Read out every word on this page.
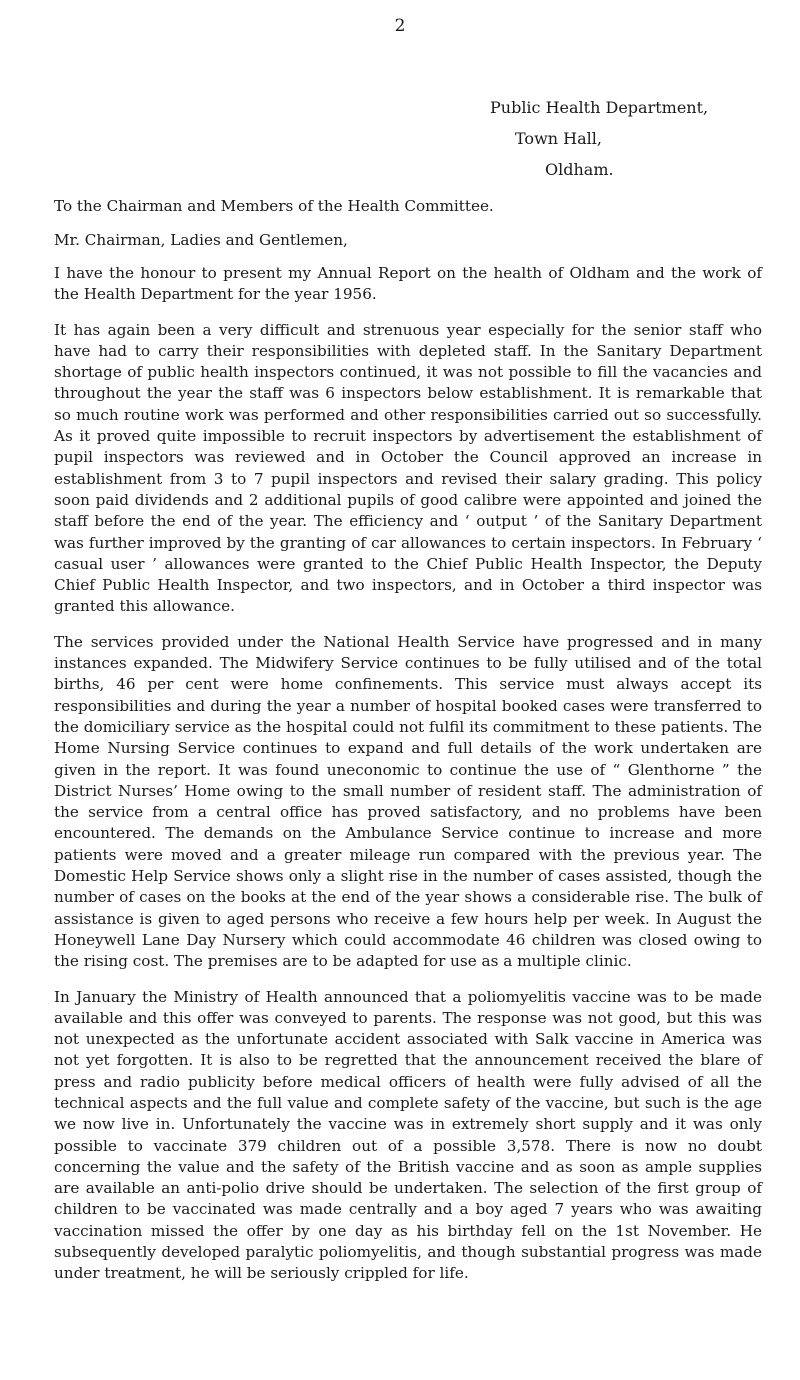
2
Public Health Department,
Town Hall,
Oldham.

To the Chairman and Members of the Health Committee.

Mr. Chairman, Ladies and Gentlemen,

I have the honour to present my Annual Report on the health of Oldham and the work of the Health Department for the year 1956.

It has again been a very difficult and strenuous year especially for the senior staff who have had to carry their responsibilities with depleted staff. In the Sanitary Department shortage of public health inspectors continued, it was not possible to fill the vacancies and throughout the year the staff was 6 inspectors below establishment. It is remarkable that so much routine work was performed and other responsibilities carried out so successfully. As it proved quite impossible to recruit inspectors by advertisement the establishment of pupil inspectors was reviewed and in October the Council approved an increase in establishment from 3 to 7 pupil inspectors and revised their salary grading. This policy soon paid dividends and 2 additional pupils of good calibre were appointed and joined the staff before the end of the year. The efficiency and ‘ output ’ of the Sanitary Department was further improved by the granting of car allowances to certain inspectors. In February ‘ casual user ’ allowances were granted to the Chief Public Health Inspector, the Deputy Chief Public Health Inspector, and two inspectors, and in October a third inspector was granted this allowance.

The services provided under the National Health Service have progressed and in many instances expanded. The Midwifery Service continues to be fully utilised and of the total births, 46 per cent were home confinements. This service must always accept its responsibilities and during the year a number of hospital booked cases were transferred to the domiciliary service as the hospital could not fulfil its commitment to these patients. The Home Nursing Service continues to expand and full details of the work undertaken are given in the report. It was found uneconomic to continue the use of “ Glenthorne ” the District Nurses’ Home owing to the small number of resident staff. The administration of the service from a central office has proved satisfactory, and no problems have been encountered. The demands on the Ambulance Service continue to increase and more patients were moved and a greater mileage run compared with the previous year. The Domestic Help Service shows only a slight rise in the number of cases assisted, though the number of cases on the books at the end of the year shows a considerable rise. The bulk of assistance is given to aged persons who receive a few hours help per week. In August the Honeywell Lane Day Nursery which could accommodate 46 children was closed owing to the rising cost. The premises are to be adapted for use as a multiple clinic.

In January the Ministry of Health announced that a poliomyelitis vaccine was to be made available and this offer was conveyed to parents. The response was not good, but this was not unexpected as the unfortunate accident associated with Salk vaccine in America was not yet forgotten. It is also to be regretted that the announcement received the blare of press and radio publicity before medical officers of health were fully advised of all the technical aspects and the full value and complete safety of the vaccine, but such is the age we now live in. Unfortunately the vaccine was in extremely short supply and it was only possible to vaccinate 379 children out of a possible 3,578. There is now no doubt concerning the value and the safety of the British vaccine and as soon as ample supplies are available an anti-polio drive should be undertaken. The selection of the first group of children to be vaccinated was made centrally and a boy aged 7 years who was awaiting vaccination missed the offer by one day as his birthday fell on the 1st November. He subsequently developed paralytic poliomyelitis, and though substantial progress was made under treatment, he will be seriously crippled for life.
